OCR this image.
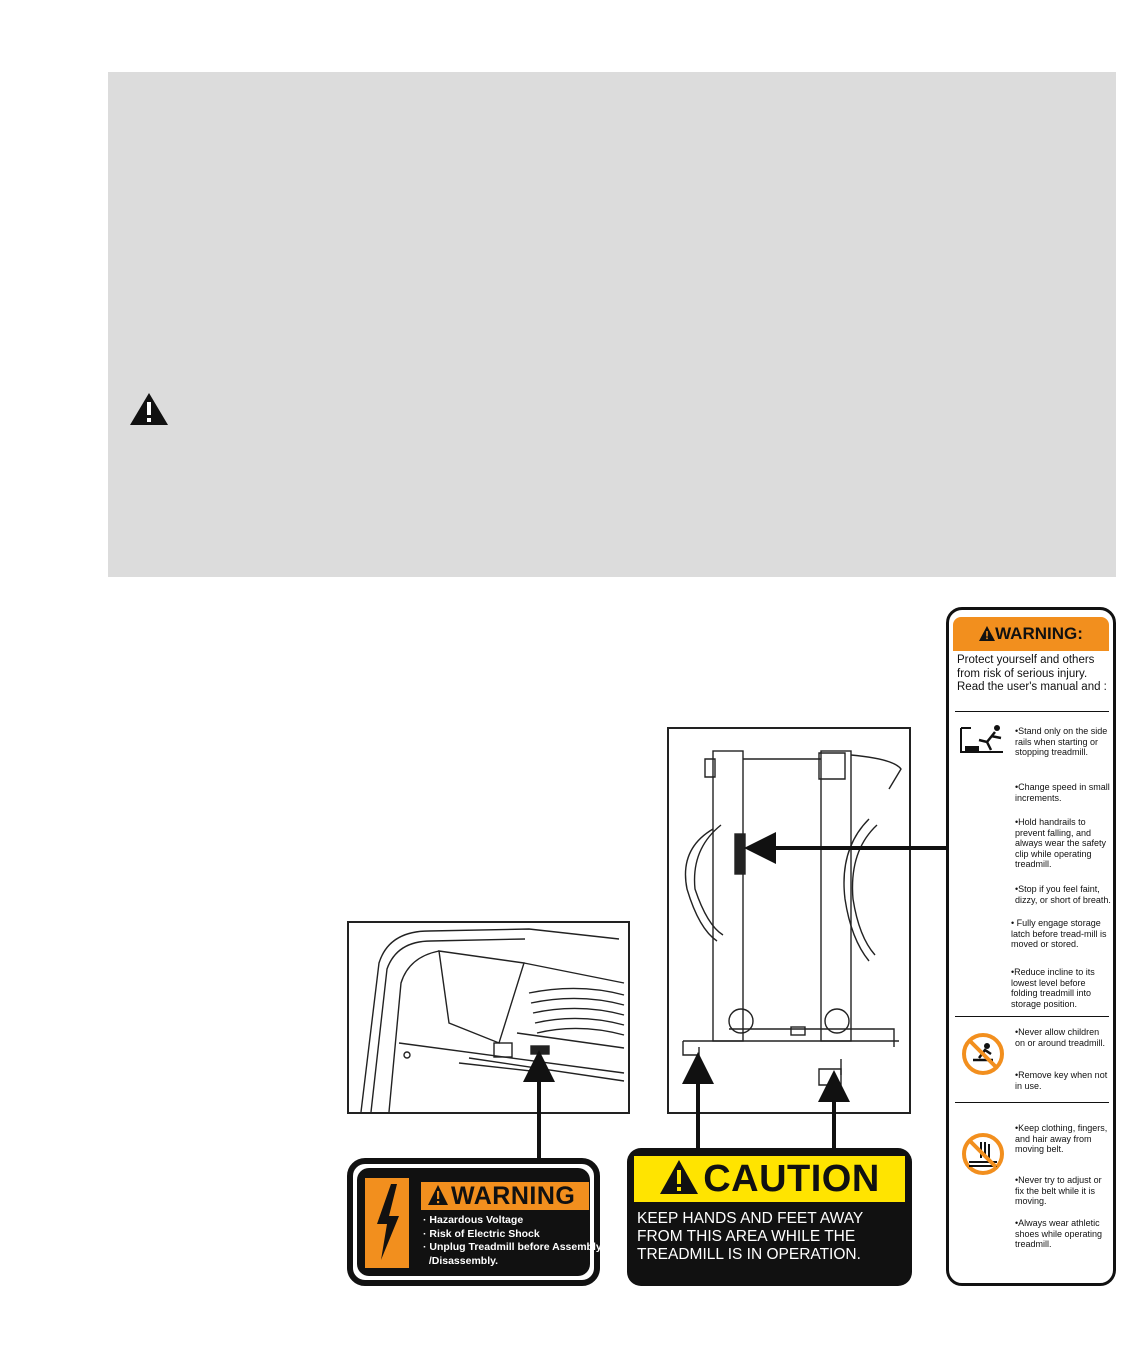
WARNING
· Hazardous Voltage
· Risk of Electric Shock
· Unplug Treadmill before Assembly
/Disassembly.
CAUTION

KEEP HANDS AND FEET AWAY FROM THIS AREA WHILE THE TREADMILL IS IN OPERATION.

WARNING:

Protect yourself and others from risk of serious injury. Read the user's manual and :

•Stand only on the side rails when starting or stopping treadmill.

•Change speed in small increments.

•Hold handrails to prevent falling, and always wear the safety clip while operating treadmill.

•Stop if you feel faint, dizzy, or short of breath.

• Fully engage storage latch before tread-mill is moved or stored.

•Reduce incline to its lowest level before folding treadmill into storage position.

•Never allow children on or around treadmill.

•Remove key when not in use.

•Keep clothing, fingers, and hair away from moving belt.

•Never try to adjust or fix the belt while it is moving.

•Always wear athletic shoes while operating treadmill.
